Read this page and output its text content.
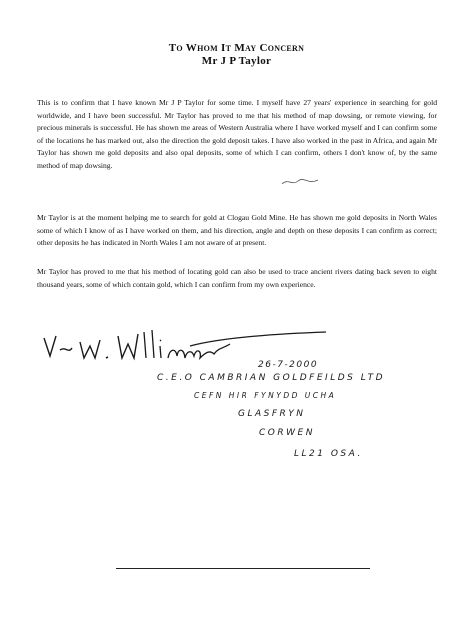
To Whom It May Concern
Mr J P Taylor
This is to confirm that I have known Mr J P Taylor for some time. I myself have 27 years' experience in searching for gold worldwide, and I have been successful. Mr Taylor has proved to me that his method of map dowsing, or remote viewing, for precious minerals is successful. He has shown me areas of Western Australia where I have worked myself and I can confirm some of the locations he has marked out, also the direction the gold deposit takes. I have also worked in the past in Africa, and again Mr Taylor has shown me gold deposits and also opal deposits, some of which I can confirm, others I don't know of, by the same method of map dowsing.
Mr Taylor is at the moment helping me to search for gold at Clogau Gold Mine. He has shown me gold deposits in North Wales some of which I know of as I have worked on them, and his direction, angle and depth on these deposits I can confirm as correct; other deposits he has indicated in North Wales I am not aware of at present.
Mr Taylor has proved to me that his method of locating gold can also be used to trace ancient rivers dating back seven to eight thousand years, some of which contain gold, which I can confirm from my own experience.
26-7-2000
C.E.O CAMBRIAN GOLDFEILDS LTD
CEFN HIR FYNYDD UCHA
GLASFRYN
CORWEN
LL21 OSA.
